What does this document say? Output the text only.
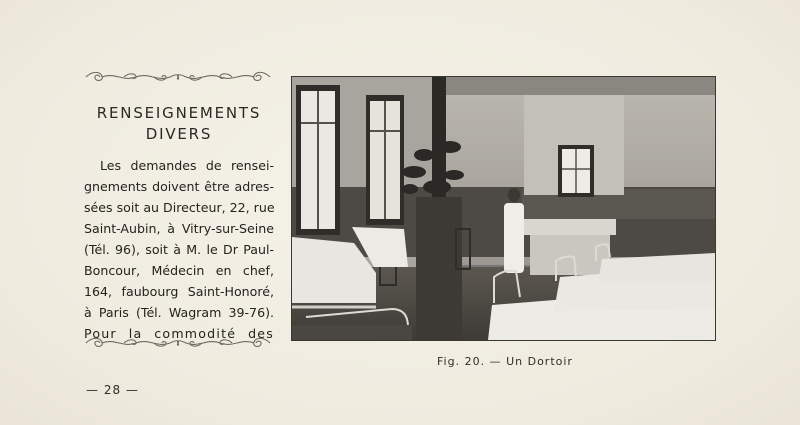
RENSEIGNEMENTS
DIVERS
Les demandes de rensei-
gnements doivent être adres-
sées soit au Directeur, 22, rue
Saint-Aubin, à Vitry-sur-Seine
(Tél. 96), soit à M. le Dr Paul-
Boncour, Médecin en chef,
164, faubourg Saint-Honoré,
à Paris (Tél. Wagram 39-76).
Pour la commodité des
Fig. 20. — Un Dortoir
— 28 —
